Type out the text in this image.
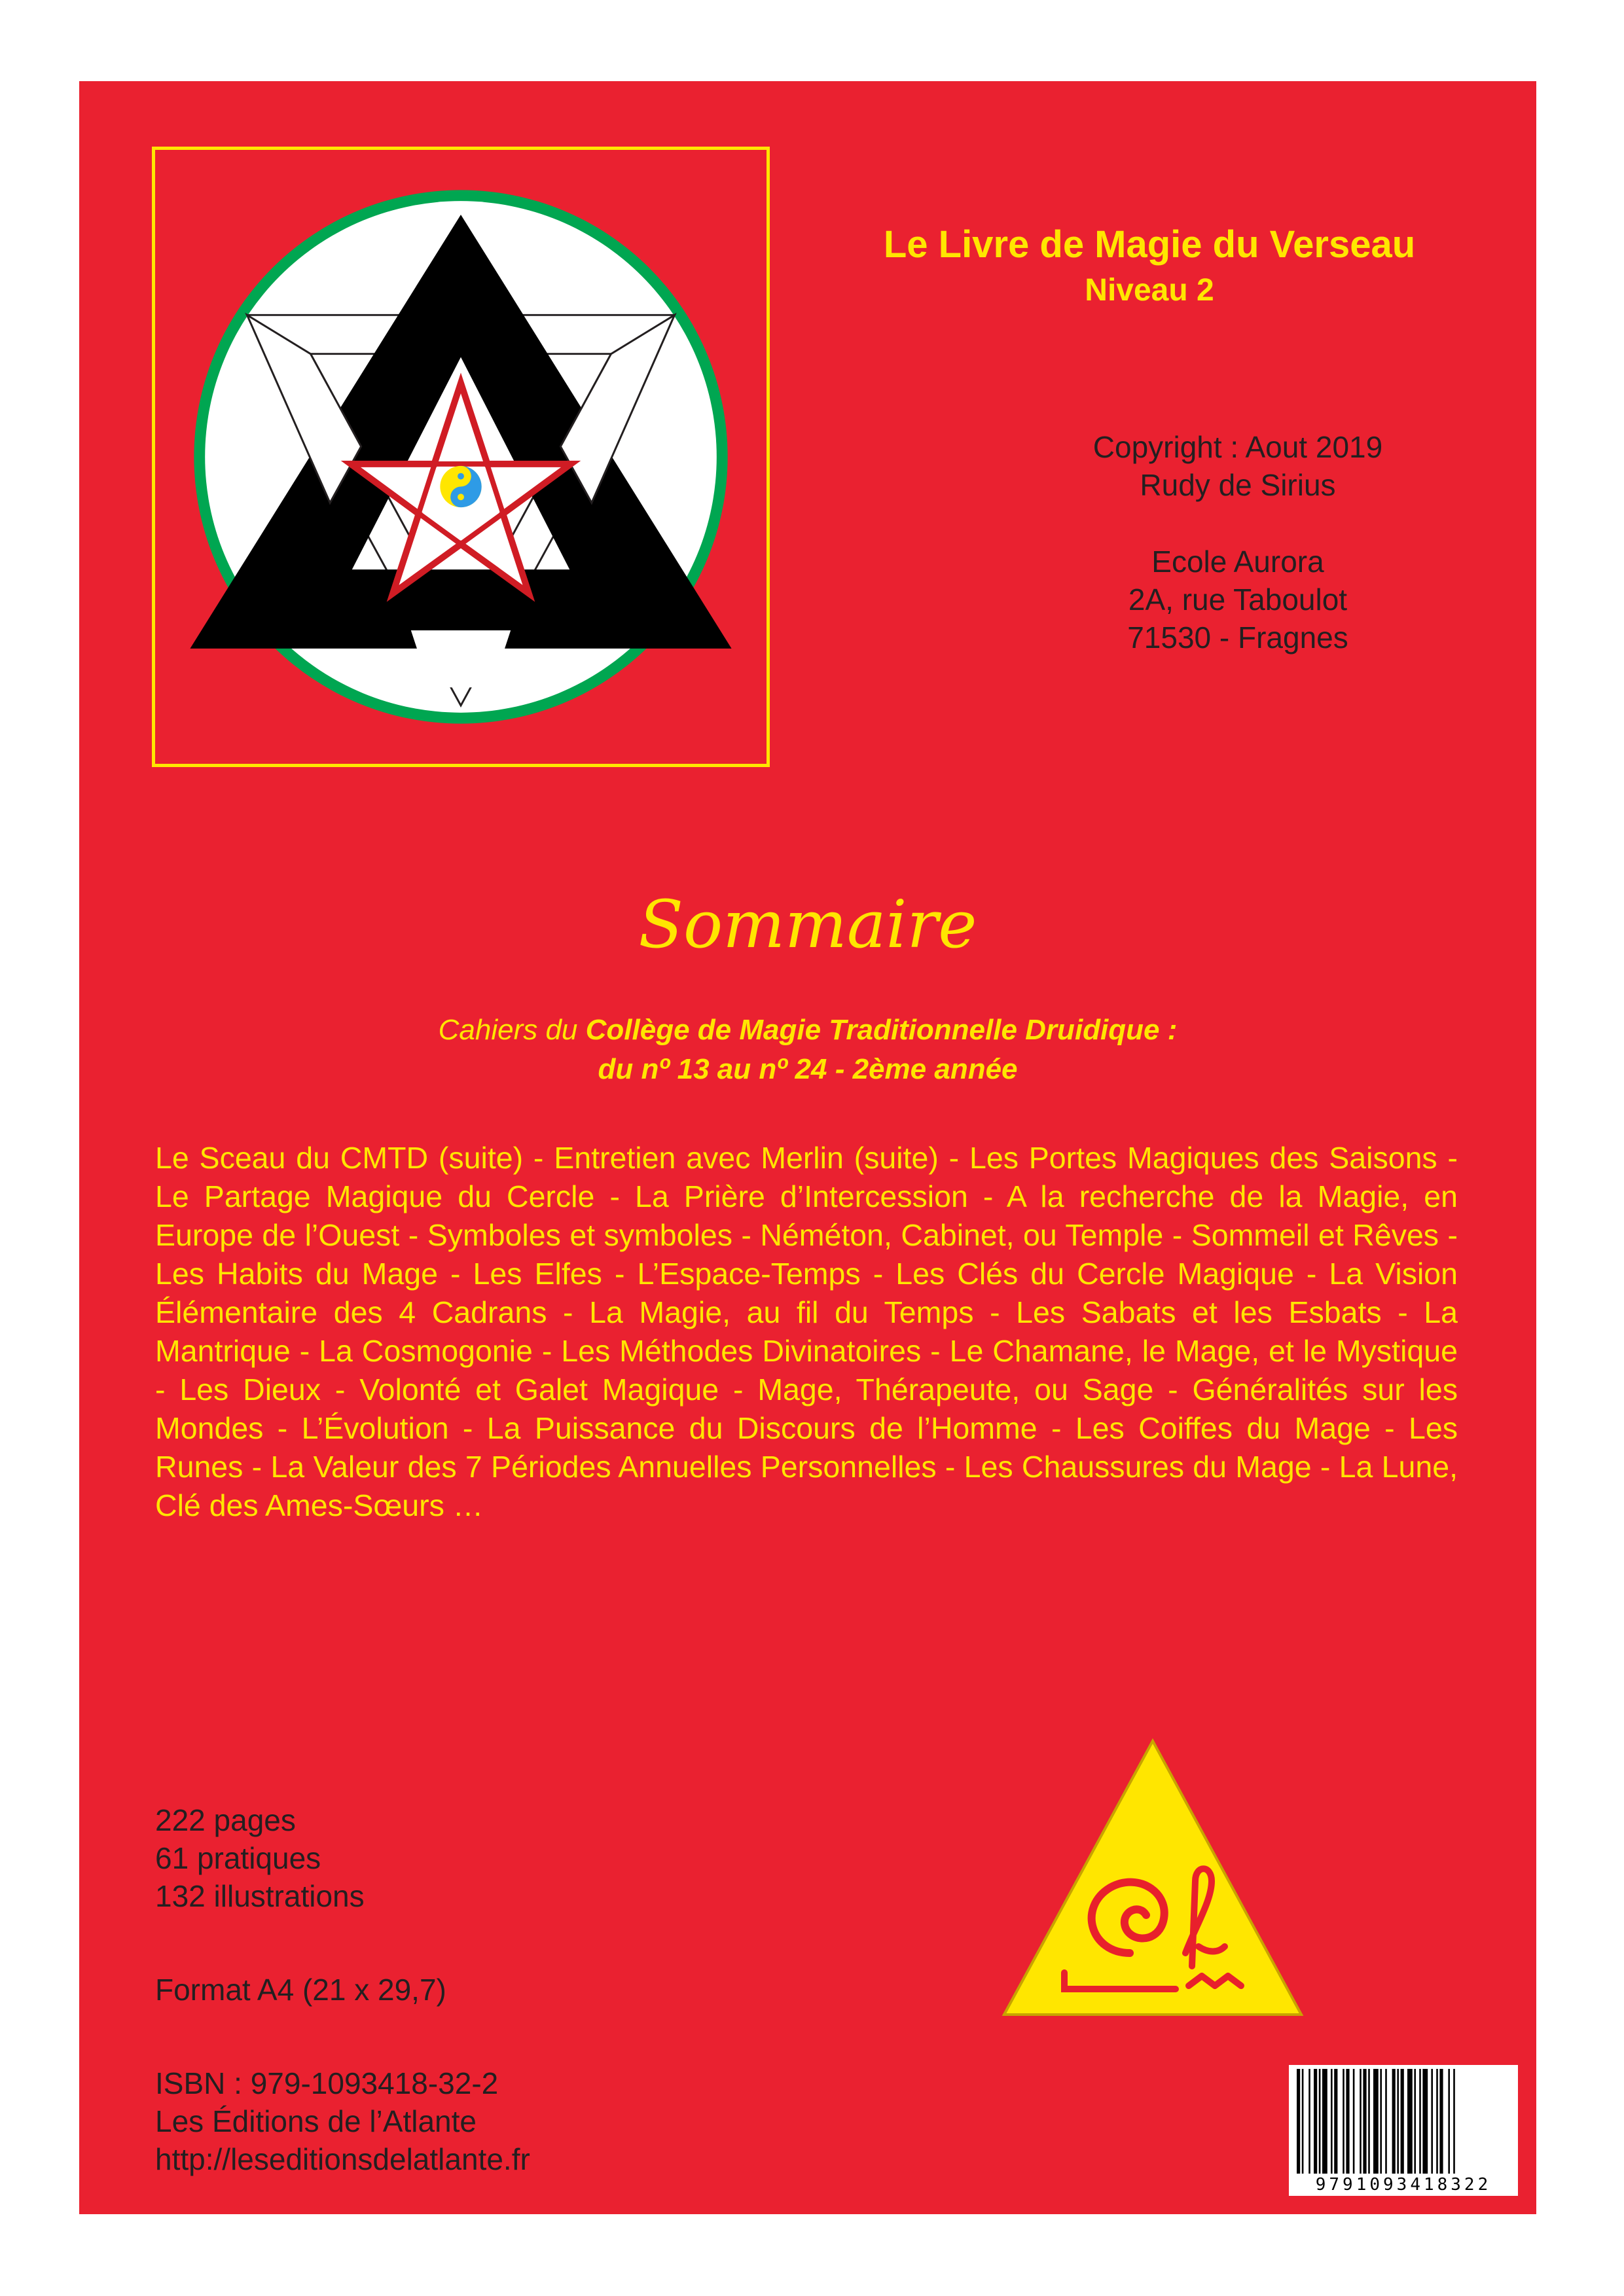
Le Livre de Magie du Verseau
Niveau 2
Copyright : Aout 2019
Rudy de Sirius
Ecole Aurora
2A, rue Taboulot
71530 - Fragnes
Sommaire
Cahiers du Collège de Magie Traditionnelle Druidique :
du nº 13 au nº 24 - 2ème année
Le Sceau du CMTD (suite) - Entretien avec Merlin (suite) - Les Portes Magiques des Saisons - Le Partage Magique du Cercle - La Prière d’Intercession - A la recherche de la Magie, en Europe de l’Ouest - Symboles et symboles - Néméton, Cabinet, ou Temple - Sommeil et Rêves - Les Habits du Mage - Les Elfes - L’Espace-Temps - Les Clés du Cercle Magique - La Vision Élémentaire des 4 Cadrans - La Magie, au fil du Temps - Les Sabats et les Esbats - La Mantrique - La Cosmogonie - Les Méthodes Divinatoires - Le Chamane, le Mage, et le Mystique - Les Dieux - Volonté et Galet Magique - Mage, Thérapeute, ou Sage - Généralités sur les Mondes - L’Évolution - La Puissance du Discours de l’Homme - Les Coiffes du Mage - Les Runes - La Valeur des 7 Périodes Annuelles Personnelles - Les Chaussures du Mage - La Lune, Clé des Ames-Sœurs …
222 pages
61 pratiques
132 illustrations
Format A4 (21 x 29,7)
ISBN : 979-1093418-32-2
Les Éditions de l’Atlante
http://leseditionsdelatlante.fr
9791093418322
